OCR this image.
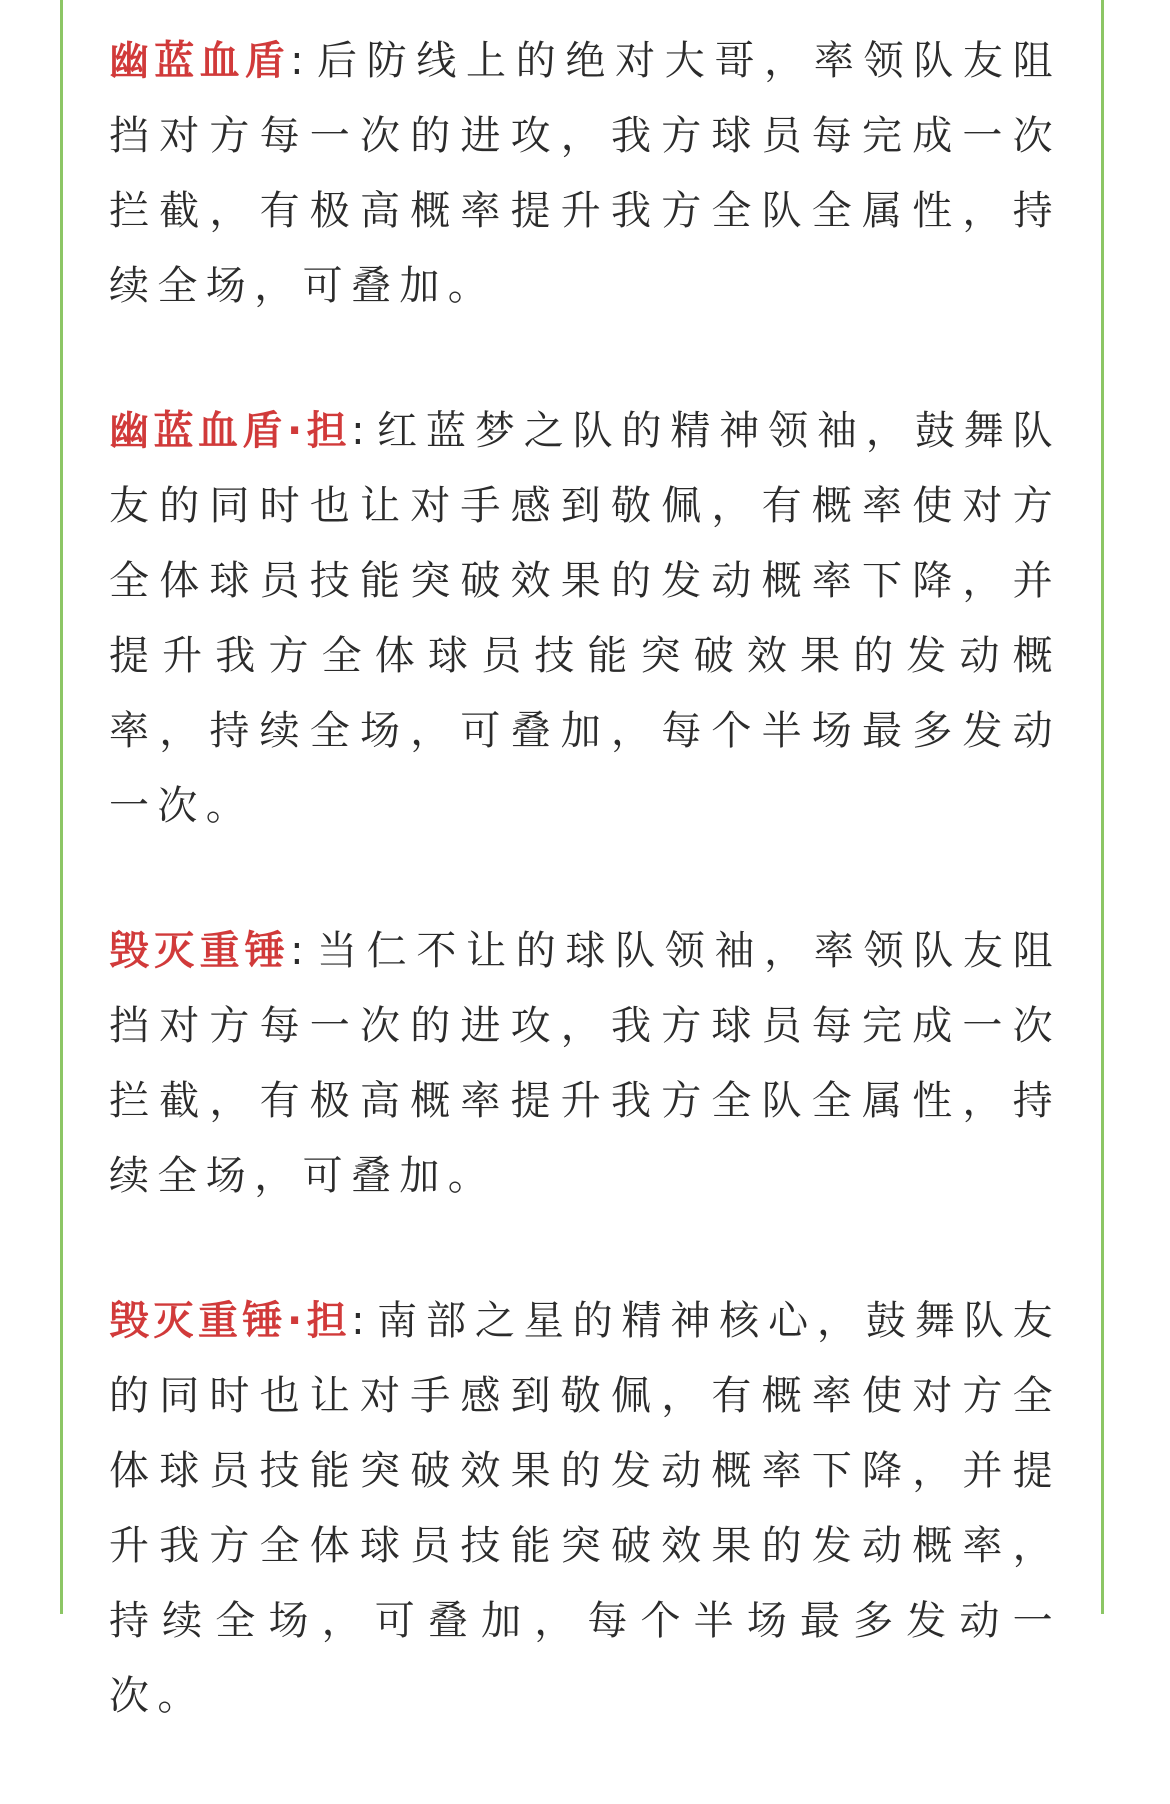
幽蓝血盾:后防线上的绝对大哥，率领队友阻挡对方每一次的进攻，我方球员每完成一次拦截，有极高概率提升我方全队全属性，持续全场，可叠加。

幽蓝血盾·担:红蓝梦之队的精神领袖，鼓舞队友的同时也让对手感到敬佩，有概率使对方全体球员技能突破效果的发动概率下降，并提升我方全体球员技能突破效果的发动概率，持续全场，可叠加，每个半场最多发动一次。

毁灭重锤:当仁不让的球队领袖，率领队友阻挡对方每一次的进攻，我方球员每完成一次拦截，有极高概率提升我方全队全属性，持续全场，可叠加。

毁灭重锤·担:南部之星的精神核心，鼓舞队友的同时也让对手感到敬佩，有概率使对方全体球员技能突破效果的发动概率下降，并提升我方全体球员技能突破效果的发动概率，持续全场，可叠加，每个半场最多发动一次。
